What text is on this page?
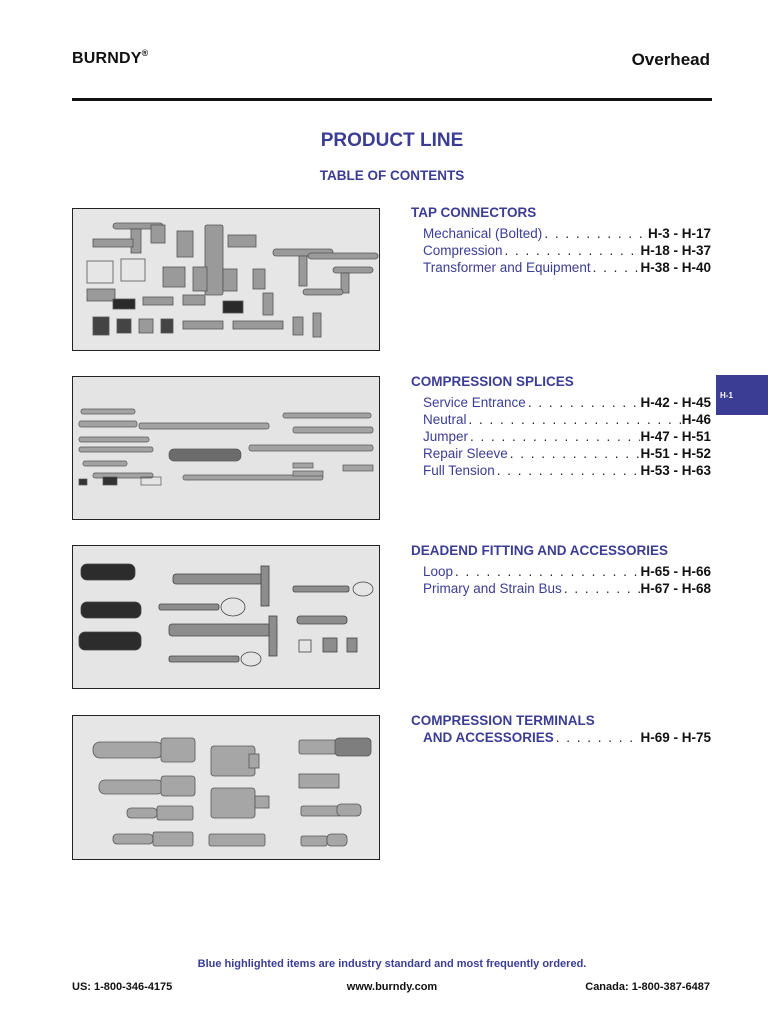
BURNDY®	Overhead
PRODUCT LINE
TABLE OF CONTENTS
TAP CONNECTORS
Mechanical (Bolted) . . .	H-3 - H-17
Compression . . .	H-18 - H-37
Transformer and Equipment . . .	H-38 - H-40
COMPRESSION SPLICES
Service Entrance . . .	H-42 - H-45
Neutral . . .	H-46
Jumper . . .	H-47 - H-51
Repair Sleeve . . .	H-51 - H-52
Full Tension . . .	H-53 - H-63
DEADEND FITTING AND ACCESSORIES
Loop . . .	H-65 - H-66
Primary and Strain Bus . . .	H-67 - H-68
COMPRESSION TERMINALS
AND ACCESSORIES . . .	H-69 - H-75
H-1
Blue highlighted items are industry standard and most frequently ordered.
US: 1-800-346-4175	www.burndy.com	Canada: 1-800-387-6487
